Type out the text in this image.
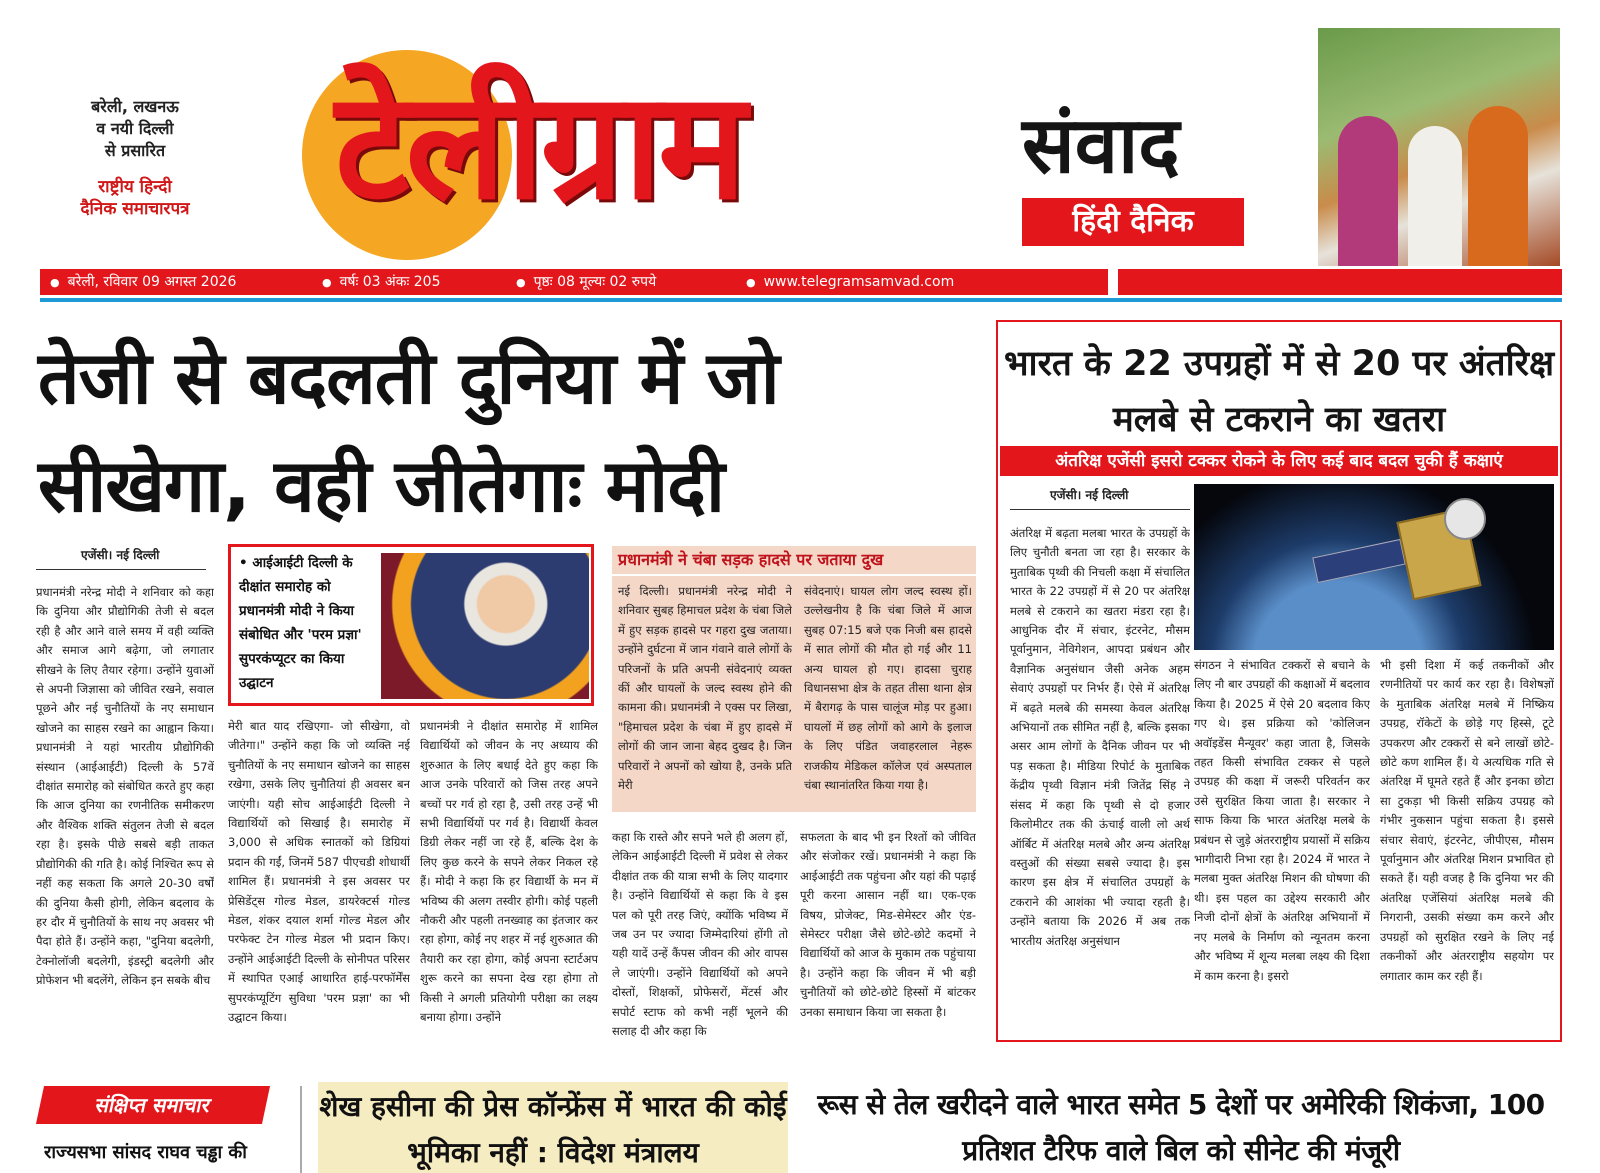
बरेली, लखनऊ
व नयी दिल्ली
से प्रसारित
राष्ट्रीय हिन्दी
दैनिक समाचारपत्र टेलीग्राम	संवाद
हिंदी दैनिक
● बरेली, रविवार 09 अगस्त 2026	● वर्षः 03 अंकः 205	● पृष्ठः 08 मूल्यः 02 रुपये	● www.telegramsamvad.com
तेजी से बदलती दुनिया में जो सीखेगा, वही जीतेगाः मोदी
एजेंसी। नई दिल्ली

प्रधानमंत्री नरेन्द्र मोदी ने शनिवार को कहा कि दुनिया और प्रौद्योगिकी तेजी से बदल रही है और आने वाले समय में वही व्यक्ति और समाज आगे बढ़ेगा, जो लगातार सीखने के लिए तैयार रहेगा। उन्होंने युवाओं से अपनी जिज्ञासा को जीवित रखने, सवाल पूछने और नई चुनौतियों के नए समाधान खोजने का साहस रखने का आह्वान किया। प्रधानमंत्री ने यहां भारतीय प्रौद्योगिकी संस्थान (आईआईटी) दिल्ली के 57वें दीक्षांत समारोह को संबोधित करते हुए कहा कि आज दुनिया का रणनीतिक समीकरण और वैश्विक शक्ति संतुलन तेजी से बदल रहा है। इसके पीछे सबसे बड़ी ताकत प्रौद्योगिकी की गति है। कोई निश्चित रूप से नहीं कह सकता कि अगले 20-30 वर्षों की दुनिया कैसी होगी, लेकिन बदलाव के हर दौर में चुनौतियों के साथ नए अवसर भी पैदा होते हैं। उन्होंने कहा, "दुनिया बदलेगी, टेक्नोलॉजी बदलेगी, इंडस्ट्री बदलेगी और प्रोफेशन भी बदलेंगे, लेकिन इन सबके बीच

• आईआईटी दिल्ली के दीक्षांत समारोह को प्रधानमंत्री मोदी ने किया संबोधित और 'परम प्रज्ञा' सुपरकंप्यूटर का किया उद्घाटन

मेरी बात याद रखिएगा- जो सीखेगा, वो जीतेगा।" उन्होंने कहा कि जो व्यक्ति नई चुनौतियों के नए समाधान खोजने का साहस रखेगा, उसके लिए चुनौतियां ही अवसर बन जाएंगी। यही सोच आईआईटी दिल्ली ने विद्यार्थियों को सिखाई है। समारोह में 3,000 से अधिक स्नातकों को डिग्रियां प्रदान की गईं, जिनमें 587 पीएचडी शोधार्थी शामिल हैं। प्रधानमंत्री ने इस अवसर पर प्रेसिडेंट्स गोल्ड मेडल, डायरेक्टर्स गोल्ड मेडल, शंकर दयाल शर्मा गोल्ड मेडल और परफेक्ट टेन गोल्ड मेडल भी प्रदान किए। उन्होंने आईआईटी दिल्ली के सोनीपत परिसर में स्थापित एआई आधारित हाई-परफॉर्मेंस सुपरकंप्यूटिंग सुविधा 'परम प्रज्ञा' का भी उद्घाटन किया।

प्रधानमंत्री ने दीक्षांत समारोह में शामिल विद्यार्थियों को जीवन के नए अध्याय की शुरुआत के लिए बधाई देते हुए कहा कि आज उनके परिवारों को जिस तरह अपने बच्चों पर गर्व हो रहा है, उसी तरह उन्हें भी सभी विद्यार्थियों पर गर्व है। विद्यार्थी केवल डिग्री लेकर नहीं जा रहे हैं, बल्कि देश के लिए कुछ करने के सपने लेकर निकल रहे हैं। मोदी ने कहा कि हर विद्यार्थी के मन में भविष्य की अलग तस्वीर होगी। कोई पहली नौकरी और पहली तनख्वाह का इंतजार कर रहा होगा, कोई नए शहर में नई शुरुआत की तैयारी कर रहा होगा, कोई अपना स्टार्टअप शुरू करने का सपना देख रहा होगा तो किसी ने अगली प्रतियोगी परीक्षा का लक्ष्य बनाया होगा। उन्होंने

प्रधानमंत्री ने चंबा सड़क हादसे पर जताया दुख

नई दिल्ली। प्रधानमंत्री नरेन्द्र मोदी ने शनिवार सुबह हिमाचल प्रदेश के चंबा जिले में हुए सड़क हादसे पर गहरा दुख जताया। उन्होंने दुर्घटना में जान गंवाने वाले लोगों के परिजनों के प्रति अपनी संवेदनाएं व्यक्त कीं और घायलों के जल्द स्वस्थ होने की कामना की। प्रधानमंत्री ने एक्स पर लिखा, "हिमाचल प्रदेश के चंबा में हुए हादसे में लोगों की जान जाना बेहद दुखद है। जिन परिवारों ने अपनों को खोया है, उनके प्रति मेरी

संवेदनाएं। घायल लोग जल्द स्वस्थ हों। उल्लेखनीय है कि चंबा जिले में आज सुबह 07:15 बजे एक निजी बस हादसे में सात लोगों की मौत हो गई और 11 अन्य घायल हो गए। हादसा चुराह विधानसभा क्षेत्र के तहत तीसा थाना क्षेत्र में बैरागढ़ के पास चालूंज मोड़ पर हुआ। घायलों में छह लोगों को आगे के इलाज के लिए पंडित जवाहरलाल नेहरू राजकीय मेडिकल कॉलेज एवं अस्पताल चंबा स्थानांतरित किया गया है।

कहा कि रास्ते और सपने भले ही अलग हों, लेकिन आईआईटी दिल्ली में प्रवेश से लेकर दीक्षांत तक की यात्रा सभी के लिए यादगार है। उन्होंने विद्यार्थियों से कहा कि वे इस पल को पूरी तरह जिएं, क्योंकि भविष्य में जब उन पर ज्यादा जिम्मेदारियां होंगी तो यही यादें उन्हें कैंपस जीवन की ओर वापस ले जाएंगी। उन्होंने विद्यार्थियों को अपने दोस्तों, शिक्षकों, प्रोफेसरों, मेंटर्स और सपोर्ट स्टाफ को कभी नहीं भूलने की सलाह दी और कहा कि

सफलता के बाद भी इन रिश्तों को जीवित और संजोकर रखें। प्रधानमंत्री ने कहा कि आईआईटी तक पहुंचना और यहां की पढ़ाई पूरी करना आसान नहीं था। एक-एक विषय, प्रोजेक्ट, मिड-सेमेस्टर और एंड-सेमेस्टर परीक्षा जैसे छोटे-छोटे कदमों ने विद्यार्थियों को आज के मुकाम तक पहुंचाया है। उन्होंने कहा कि जीवन में भी बड़ी चुनौतियों को छोटे-छोटे हिस्सों में बांटकर उनका समाधान किया जा सकता है।

भारत के 22 उपग्रहों में से 20 पर अंतरिक्ष मलबे से टकराने का खतरा
अंतरिक्ष एजेंसी इसरो टक्कर रोकने के लिए कई बाद बदल चुकी हैं कक्षाएं
एजेंसी। नई दिल्ली

अंतरिक्ष में बढ़ता मलबा भारत के उपग्रहों के लिए चुनौती बनता जा रहा है। सरकार के मुताबिक पृथ्वी की निचली कक्षा में संचालित भारत के 22 उपग्रहों में से 20 पर अंतरिक्ष मलबे से टकराने का खतरा मंडरा रहा है। आधुनिक दौर में संचार, इंटरनेट, मौसम पूर्वानुमान, नेविगेशन, आपदा प्रबंधन और वैज्ञानिक अनुसंधान जैसी अनेक अहम सेवाएं उपग्रहों पर निर्भर हैं। ऐसे में अंतरिक्ष में बढ़ते मलबे की समस्या केवल अंतरिक्ष अभियानों तक सीमित नहीं है, बल्कि इसका असर आम लोगों के दैनिक जीवन पर भी पड़ सकता है। मीडिया रिपोर्ट के मुताबिक केंद्रीय पृथ्वी विज्ञान मंत्री जितेंद्र सिंह ने संसद में कहा कि पृथ्वी से दो हजार किलोमीटर तक की ऊंचाई वाली लो अर्थ ऑर्बिट में अंतरिक्ष मलबे और अन्य अंतरिक्ष वस्तुओं की संख्या सबसे ज्यादा है। इस कारण इस क्षेत्र में संचालित उपग्रहों के टकराने की आशंका भी ज्यादा रहती है। उन्होंने बताया कि 2026 में अब तक भारतीय अंतरिक्ष अनुसंधान

संगठन ने संभावित टक्करों से बचाने के लिए नौ बार उपग्रहों की कक्षाओं में बदलाव किया है। 2025 में ऐसे 20 बदलाव किए गए थे। इस प्रक्रिया को 'कोलिजन अवॉइडेंस मैन्यूवर' कहा जाता है, जिसके तहत किसी संभावित टक्कर से पहले उपग्रह की कक्षा में जरूरी परिवर्तन कर उसे सुरक्षित किया जाता है। सरकार ने साफ किया कि भारत अंतरिक्ष मलबे के प्रबंधन से जुड़े अंतरराष्ट्रीय प्रयासों में सक्रिय भागीदारी निभा रहा है। 2024 में भारत ने मलबा मुक्त अंतरिक्ष मिशन की घोषणा की थी। इस पहल का उद्देश्य सरकारी और निजी दोनों क्षेत्रों के अंतरिक्ष अभियानों में नए मलबे के निर्माण को न्यूनतम करना और भविष्य में शून्य मलबा लक्ष्य की दिशा में काम करना है। इसरो

भी इसी दिशा में कई तकनीकों और रणनीतियों पर कार्य कर रहा है। विशेषज्ञों के मुताबिक अंतरिक्ष मलबे में निष्क्रिय उपग्रह, रॉकेटों के छोड़े गए हिस्से, टूटे उपकरण और टक्करों से बने लाखों छोटे-छोटे कण शामिल हैं। ये अत्यधिक गति से अंतरिक्ष में घूमते रहते हैं और इनका छोटा सा टुकड़ा भी किसी सक्रिय उपग्रह को गंभीर नुकसान पहुंचा सकता है। इससे संचार सेवाएं, इंटरनेट, जीपीएस, मौसम पूर्वानुमान और अंतरिक्ष मिशन प्रभावित हो सकते हैं। यही वजह है कि दुनिया भर की अंतरिक्ष एजेंसियां अंतरिक्ष मलबे की निगरानी, उसकी संख्या कम करने और उपग्रहों को सुरक्षित रखने के लिए नई तकनीकों और अंतरराष्ट्रीय सहयोग पर लगातार काम कर रही हैं।

संक्षिप्त समाचार
राज्यसभा सांसद राघव चड्ढा की
शेख हसीना की प्रेस कॉन्फ्रेंस में भारत की कोई भूमिका नहीं : विदेश मंत्रालय
रूस से तेल खरीदने वाले भारत समेत 5 देशों पर अमेरिकी शिकंजा, 100 प्रतिशत टैरिफ वाले बिल को सीनेट की मंजूरी
